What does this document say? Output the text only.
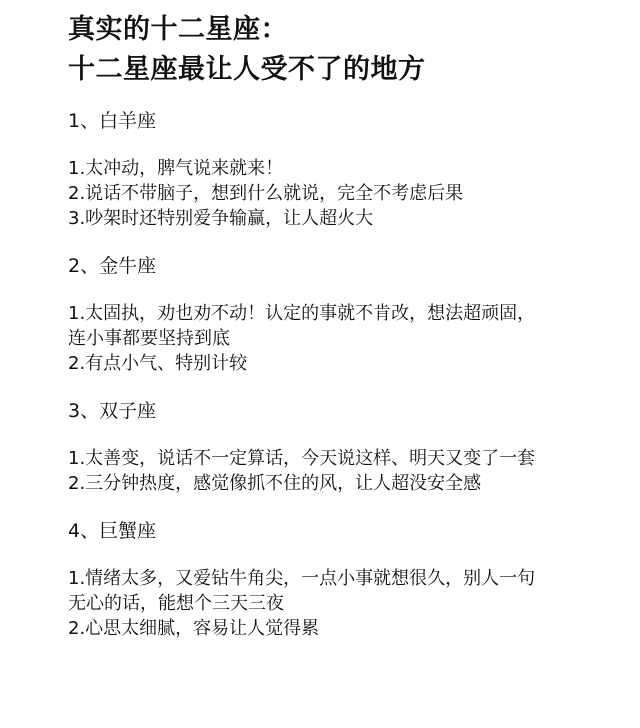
真实的十二星座：
十二星座最让人受不了的地方

1、白羊座

1.太冲动，脾气说来就来！

2.说话不带脑子，想到什么就说，完全不考虑后果

3.吵架时还特别爱争输赢，让人超火大

2、金牛座

1.太固执，劝也劝不动！认定的事就不肯改，想法超顽固，
连小事都要坚持到底

2.有点小气、特别计较

3、双子座

1.太善变，说话不一定算话，今天说这样、明天又变了一套

2.三分钟热度，感觉像抓不住的风，让人超没安全感

4、巨蟹座

1.情绪太多，又爱钻牛角尖，一点小事就想很久，别人一句
无心的话，能想个三天三夜

2.心思太细腻，容易让人觉得累
